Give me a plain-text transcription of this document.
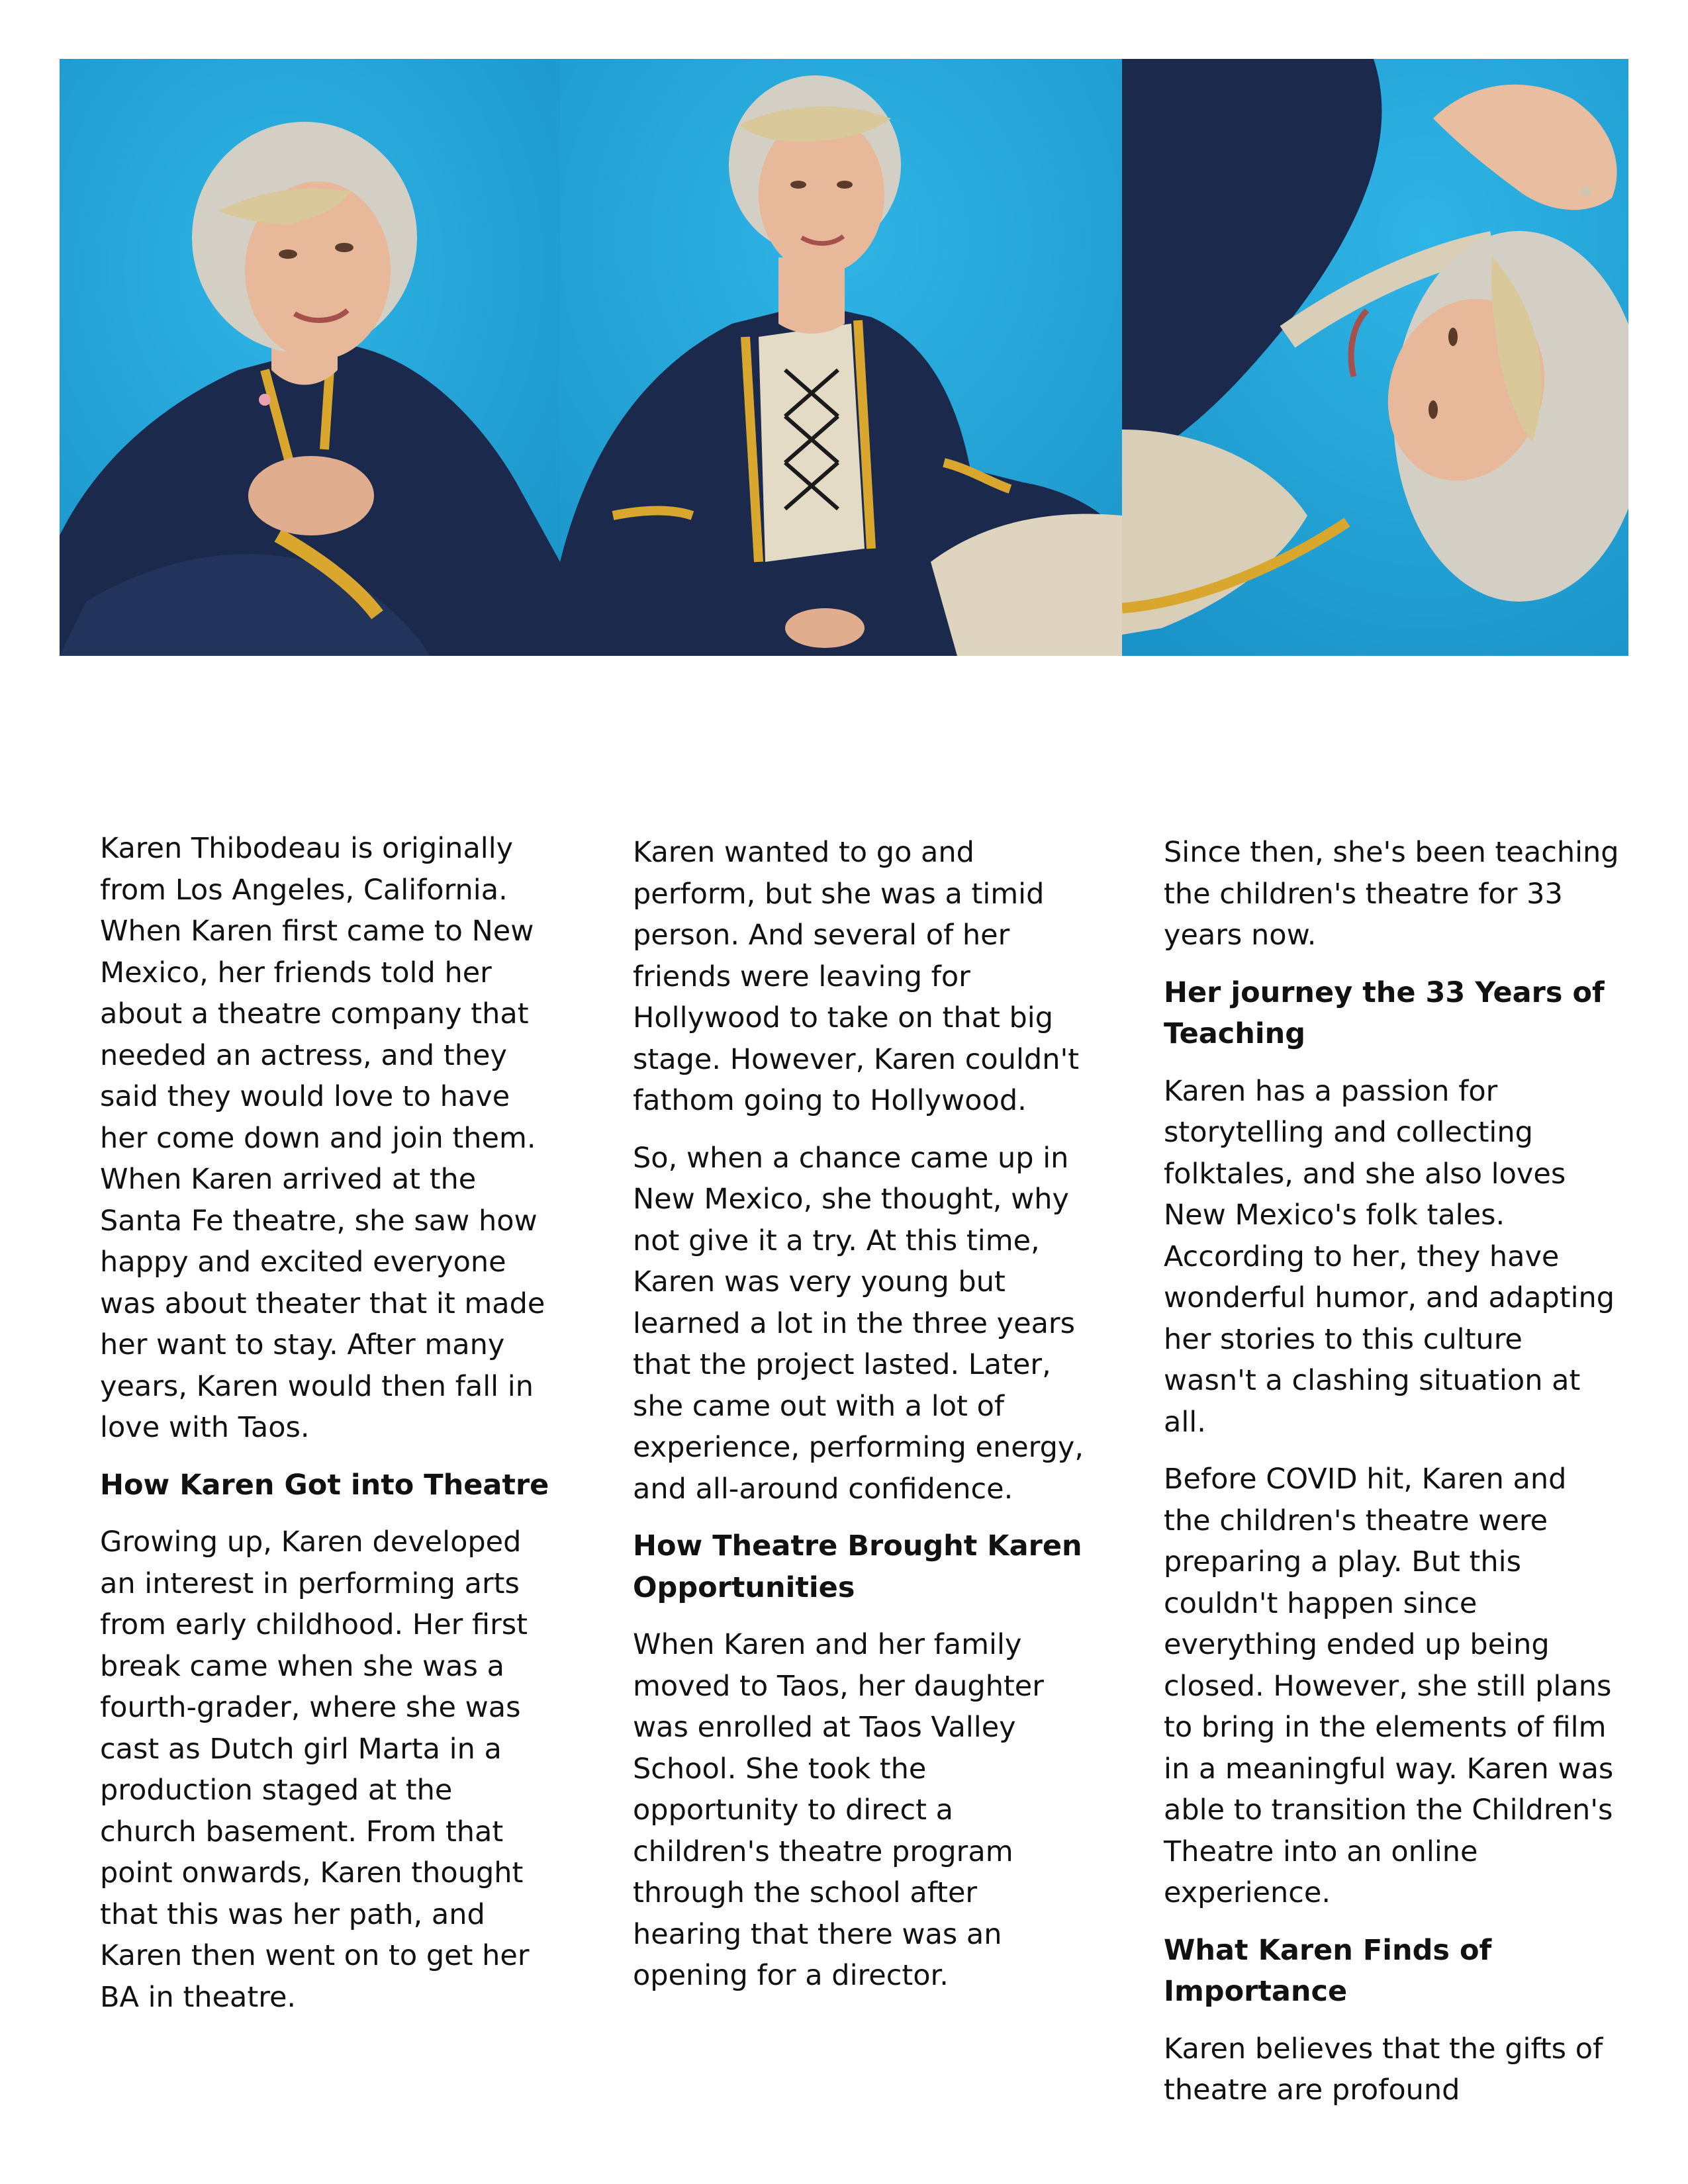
Karen Thibodeau is originally from Los Angeles, California. When Karen first came to New Mexico, her friends told her about a theatre company that needed an actress, and they said they would love to have her come down and join them. When Karen arrived at the Santa Fe theatre, she saw how happy and excited everyone was about theater that it made her want to stay. After many years, Karen would then fall in love with Taos.

How Karen Got into Theatre

Growing up, Karen developed an interest in performing arts from early childhood. Her first break came when she was a fourth-grader, where she was cast as Dutch girl Marta in a production staged at the church basement. From that point onwards, Karen thought that this was her path, and Karen then went on to get her BA in theatre.

Karen wanted to go and perform, but she was a timid person. And several of her friends were leaving for Hollywood to take on that big stage. However, Karen couldn't fathom going to Hollywood.

So, when a chance came up in New Mexico, she thought, why not give it a try. At this time, Karen was very young but learned a lot in the three years that the project lasted. Later, she came out with a lot of experience, performing energy, and all-around confidence.

How Theatre Brought Karen Opportunities

When Karen and her family moved to Taos, her daughter was enrolled at Taos Valley School. She took the opportunity to direct a children's theatre program through the school after hearing that there was an opening for a director.

Since then, she's been teaching the children's theatre for 33 years now.

Her journey the 33 Years of Teaching

Karen has a passion for storytelling and collecting folktales, and she also loves New Mexico's folk tales. According to her, they have wonderful humor, and adapting her stories to this culture wasn't a clashing situation at all.

Before COVID hit, Karen and the children's theatre were preparing a play. But this couldn't happen since everything ended up being closed. However, she still plans to bring in the elements of film in a meaningful way. Karen was able to transition the Children's Theatre into an online experience.

What Karen Finds of Importance

Karen believes that the gifts of theatre are profound
